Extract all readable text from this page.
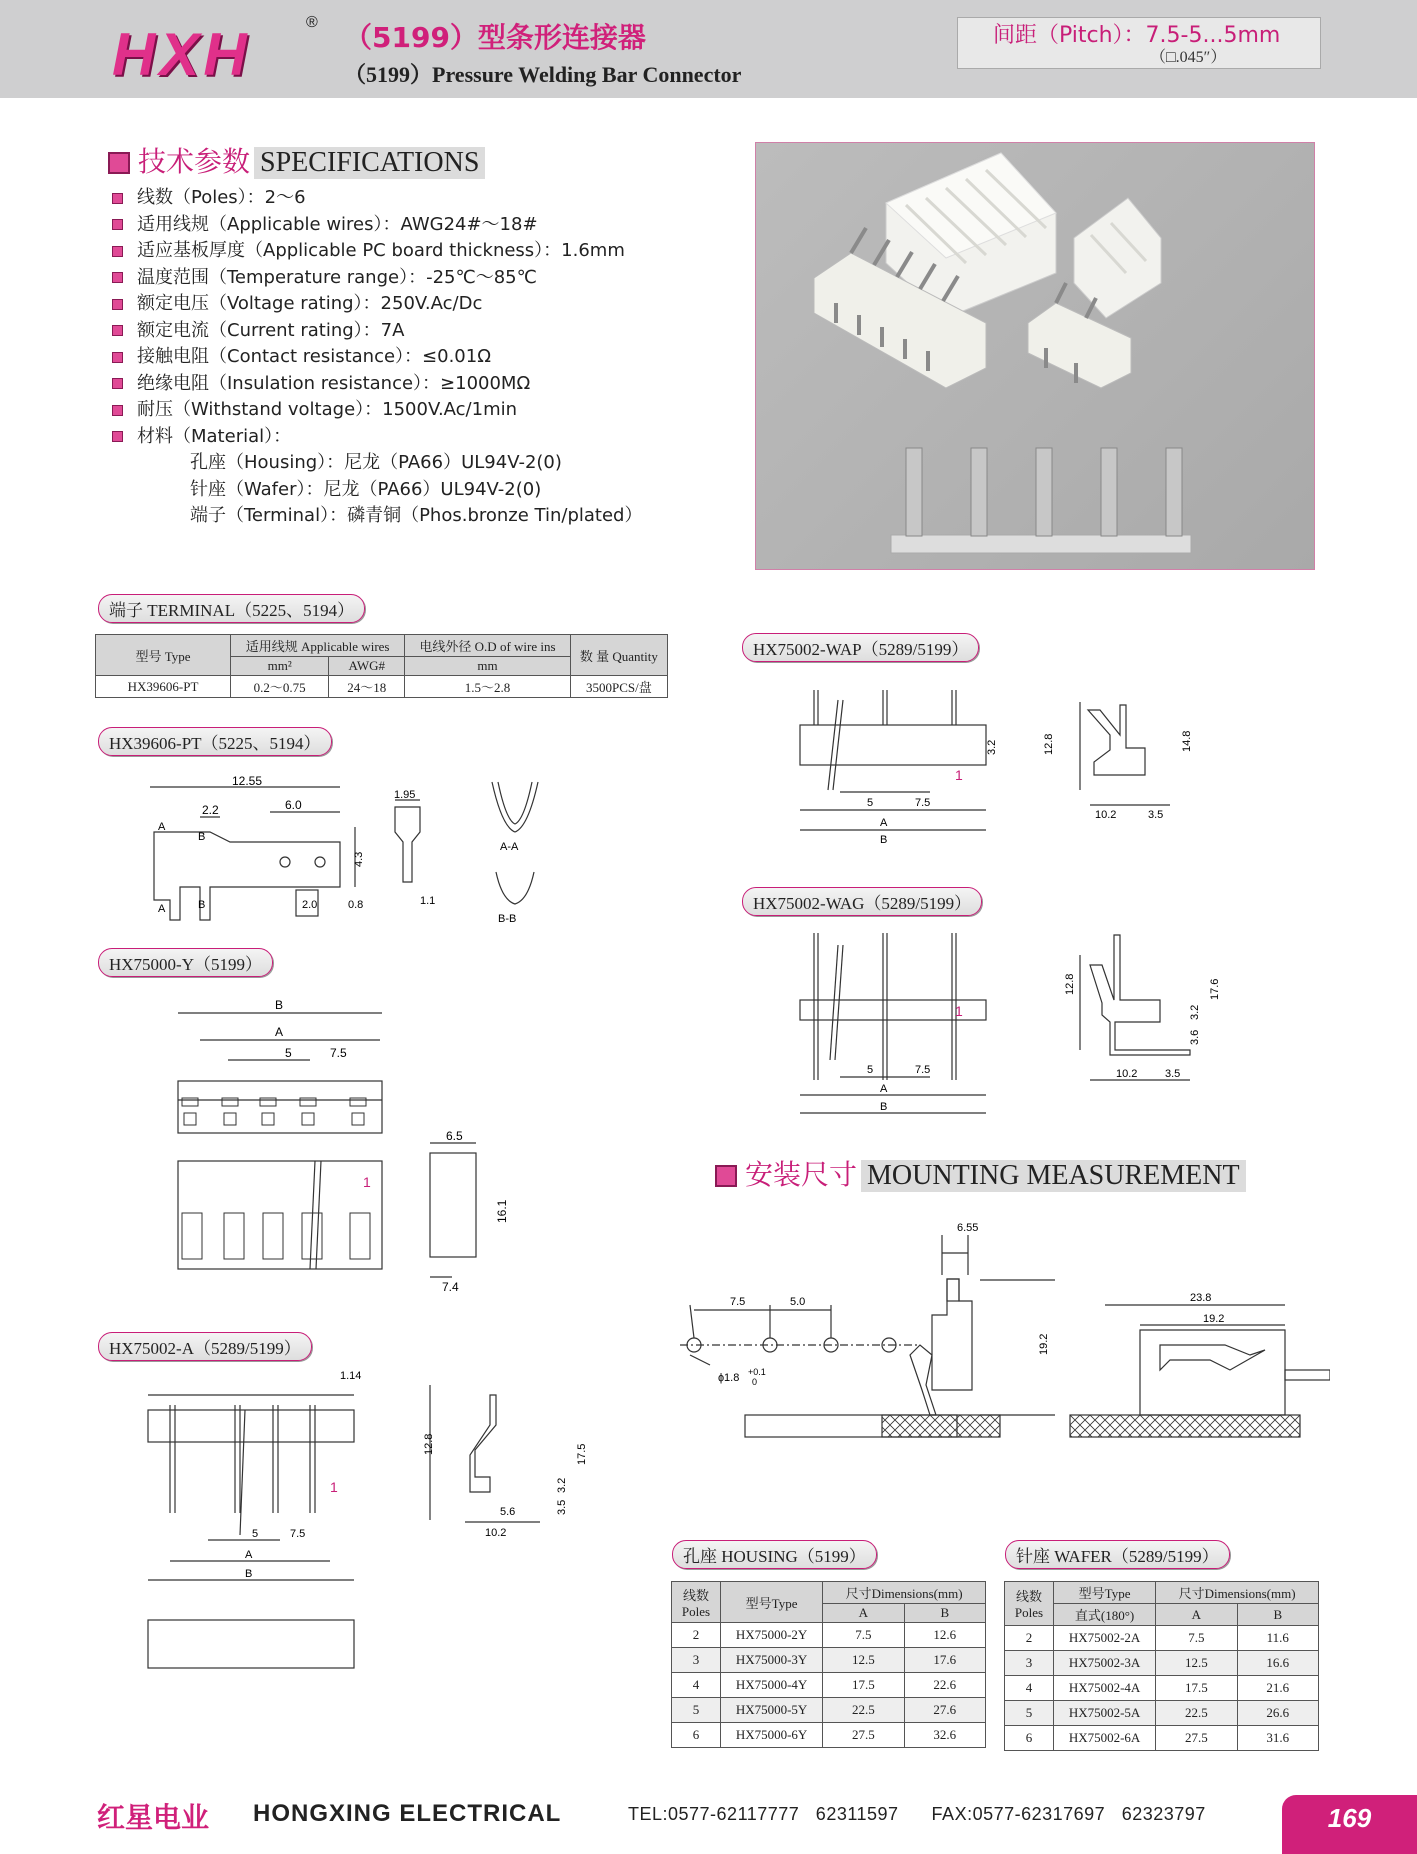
HXH	® （5199）型条形连接器
（5199）Pressure Welding Bar Connector
间距（Pitch）：7.5-5...5mm
（□.045″）
技术参数 SPECIFICATIONS
线数（Poles）：2～6
适用线规（Applicable wires）：AWG24#～18#
适应基板厚度（Applicable PC board thickness）：1.6mm
温度范围（Temperature range）：-25℃～85℃
额定电压（Voltage rating）：250V.Ac/Dc
额定电流（Current rating）：7A
接触电阻（Contact resistance）：≤0.01Ω
绝缘电阻（Insulation resistance）：≥1000MΩ
耐压（Withstand voltage）：1500V.Ac/1min
材料（Material）：
孔座（Housing）：尼龙（PA66）UL94V-2(0)
针座（Wafer）：尼龙（PA66）UL94V-2(0)
端子（Terminal）：磷青铜（Phos.bronze Tin/plated）
端子 TERMINAL（5225、5194）
型号 Type	适用线规 Applicable wires		电线外径 O.D of wire ins	数 量 Quantity
	mm²	AWG#	mm	
HX39606-PT	0.2～0.75	24～18	1.5～2.8	3500PCS/盘
HX39606-PT（5225、5194）
HX75000-Y（5199）
HX75002-A（5289/5199）
HX75002-WAP（5289/5199）
HX75002-WAG（5289/5199）
12.55
2.2	6.0
1.95
4.3
2.0	0.8	1.1
A
B
A	B
A-A
B-B
B
A
5	7.5
6.5
16.1
7.4
1
1.14
12.8	17.5
3.5
3.2
5.6
10.2
5	7.5
A
B
1
3.2
5	7.5
A
B
12.8	14.8
10.2	3.5
1
12.8	17.6
3.2
3.6
10.2	3.5
5	7.5
A
B
1
安装尺寸 MOUNTING MEASUREMENT
7.5	5.0
ɸ1.8 +0.1
0
6.55
19.2
23.8
19.2
孔座 HOUSING（5199）
线数 Poles	型号Type	尺寸Dimensions(mm)	
		A	B
2	HX75000-2Y	7.5	12.6
3	HX75000-3Y	12.5	17.6
4	HX75000-4Y	17.5	22.6
5	HX75000-5Y	22.5	27.6
6	HX75000-6Y	27.5	32.6
针座 WAFER（5289/5199）
线数 Poles	型号Type	尺寸Dimensions(mm)	
	直式(180°)	A	B
2	HX75002-2A	7.5	11.6
3	HX75002-3A	12.5	16.6
4	HX75002-4A	17.5	21.6
5	HX75002-5A	22.5	26.6
6	HX75002-6A	27.5	31.6
红星电业 HONGXING ELECTRICAL	TEL:0577-62117777   62311597      FAX:0577-62317697   62323797	169
